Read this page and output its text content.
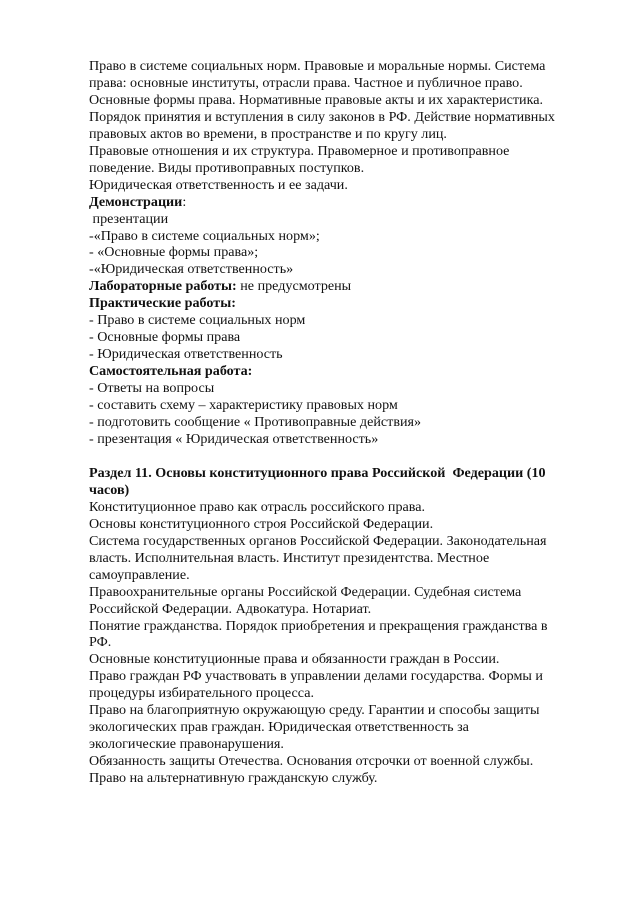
Право в системе социальных норм. Правовые и моральные нормы. Система
права: основные институты, отрасли права. Частное и публичное право.
Основные формы права. Нормативные правовые акты и их характеристика.
Порядок принятия и вступления в силу законов в РФ. Действие нормативных
правовых актов во времени, в пространстве и по кругу лиц.
Правовые отношения и их структура. Правомерное и противоправное
поведение. Виды противоправных поступков.
Юридическая ответственность и ее задачи.
Демонстрации:
презентации
-«Право в системе социальных норм»;
- «Основные формы права»;
-«Юридическая ответственность»
Лабораторные работы: не предусмотрены
Практические работы:
- Право в системе социальных норм
- Основные формы права
- Юридическая ответственность
Самостоятельная работа:
- Ответы на вопросы
- составить схему – характеристику правовых норм
- подготовить сообщение « Противоправные действия»
- презентация « Юридическая ответственность»
Раздел 11. Основы конституционного права Российской  Федерации (10
часов)
Конституционное право как отрасль российского права.
Основы конституционного строя Российской Федерации.
Система государственных органов Российской Федерации. Законодательная
власть. Исполнительная власть. Институт президентства. Местное
самоуправление.
Правоохранительные органы Российской Федерации. Судебная система
Российской Федерации. Адвокатура. Нотариат.
Понятие гражданства. Порядок приобретения и прекращения гражданства в
РФ.
Основные конституционные права и обязанности граждан в России.
Право граждан РФ участвовать в управлении делами государства. Формы и
процедуры избирательного процесса.
Право на благоприятную окружающую среду. Гарантии и способы защиты
экологических прав граждан. Юридическая ответственность за
экологические правонарушения.
Обязанность защиты Отечества. Основания отсрочки от военной службы.
Право на альтернативную гражданскую службу.
